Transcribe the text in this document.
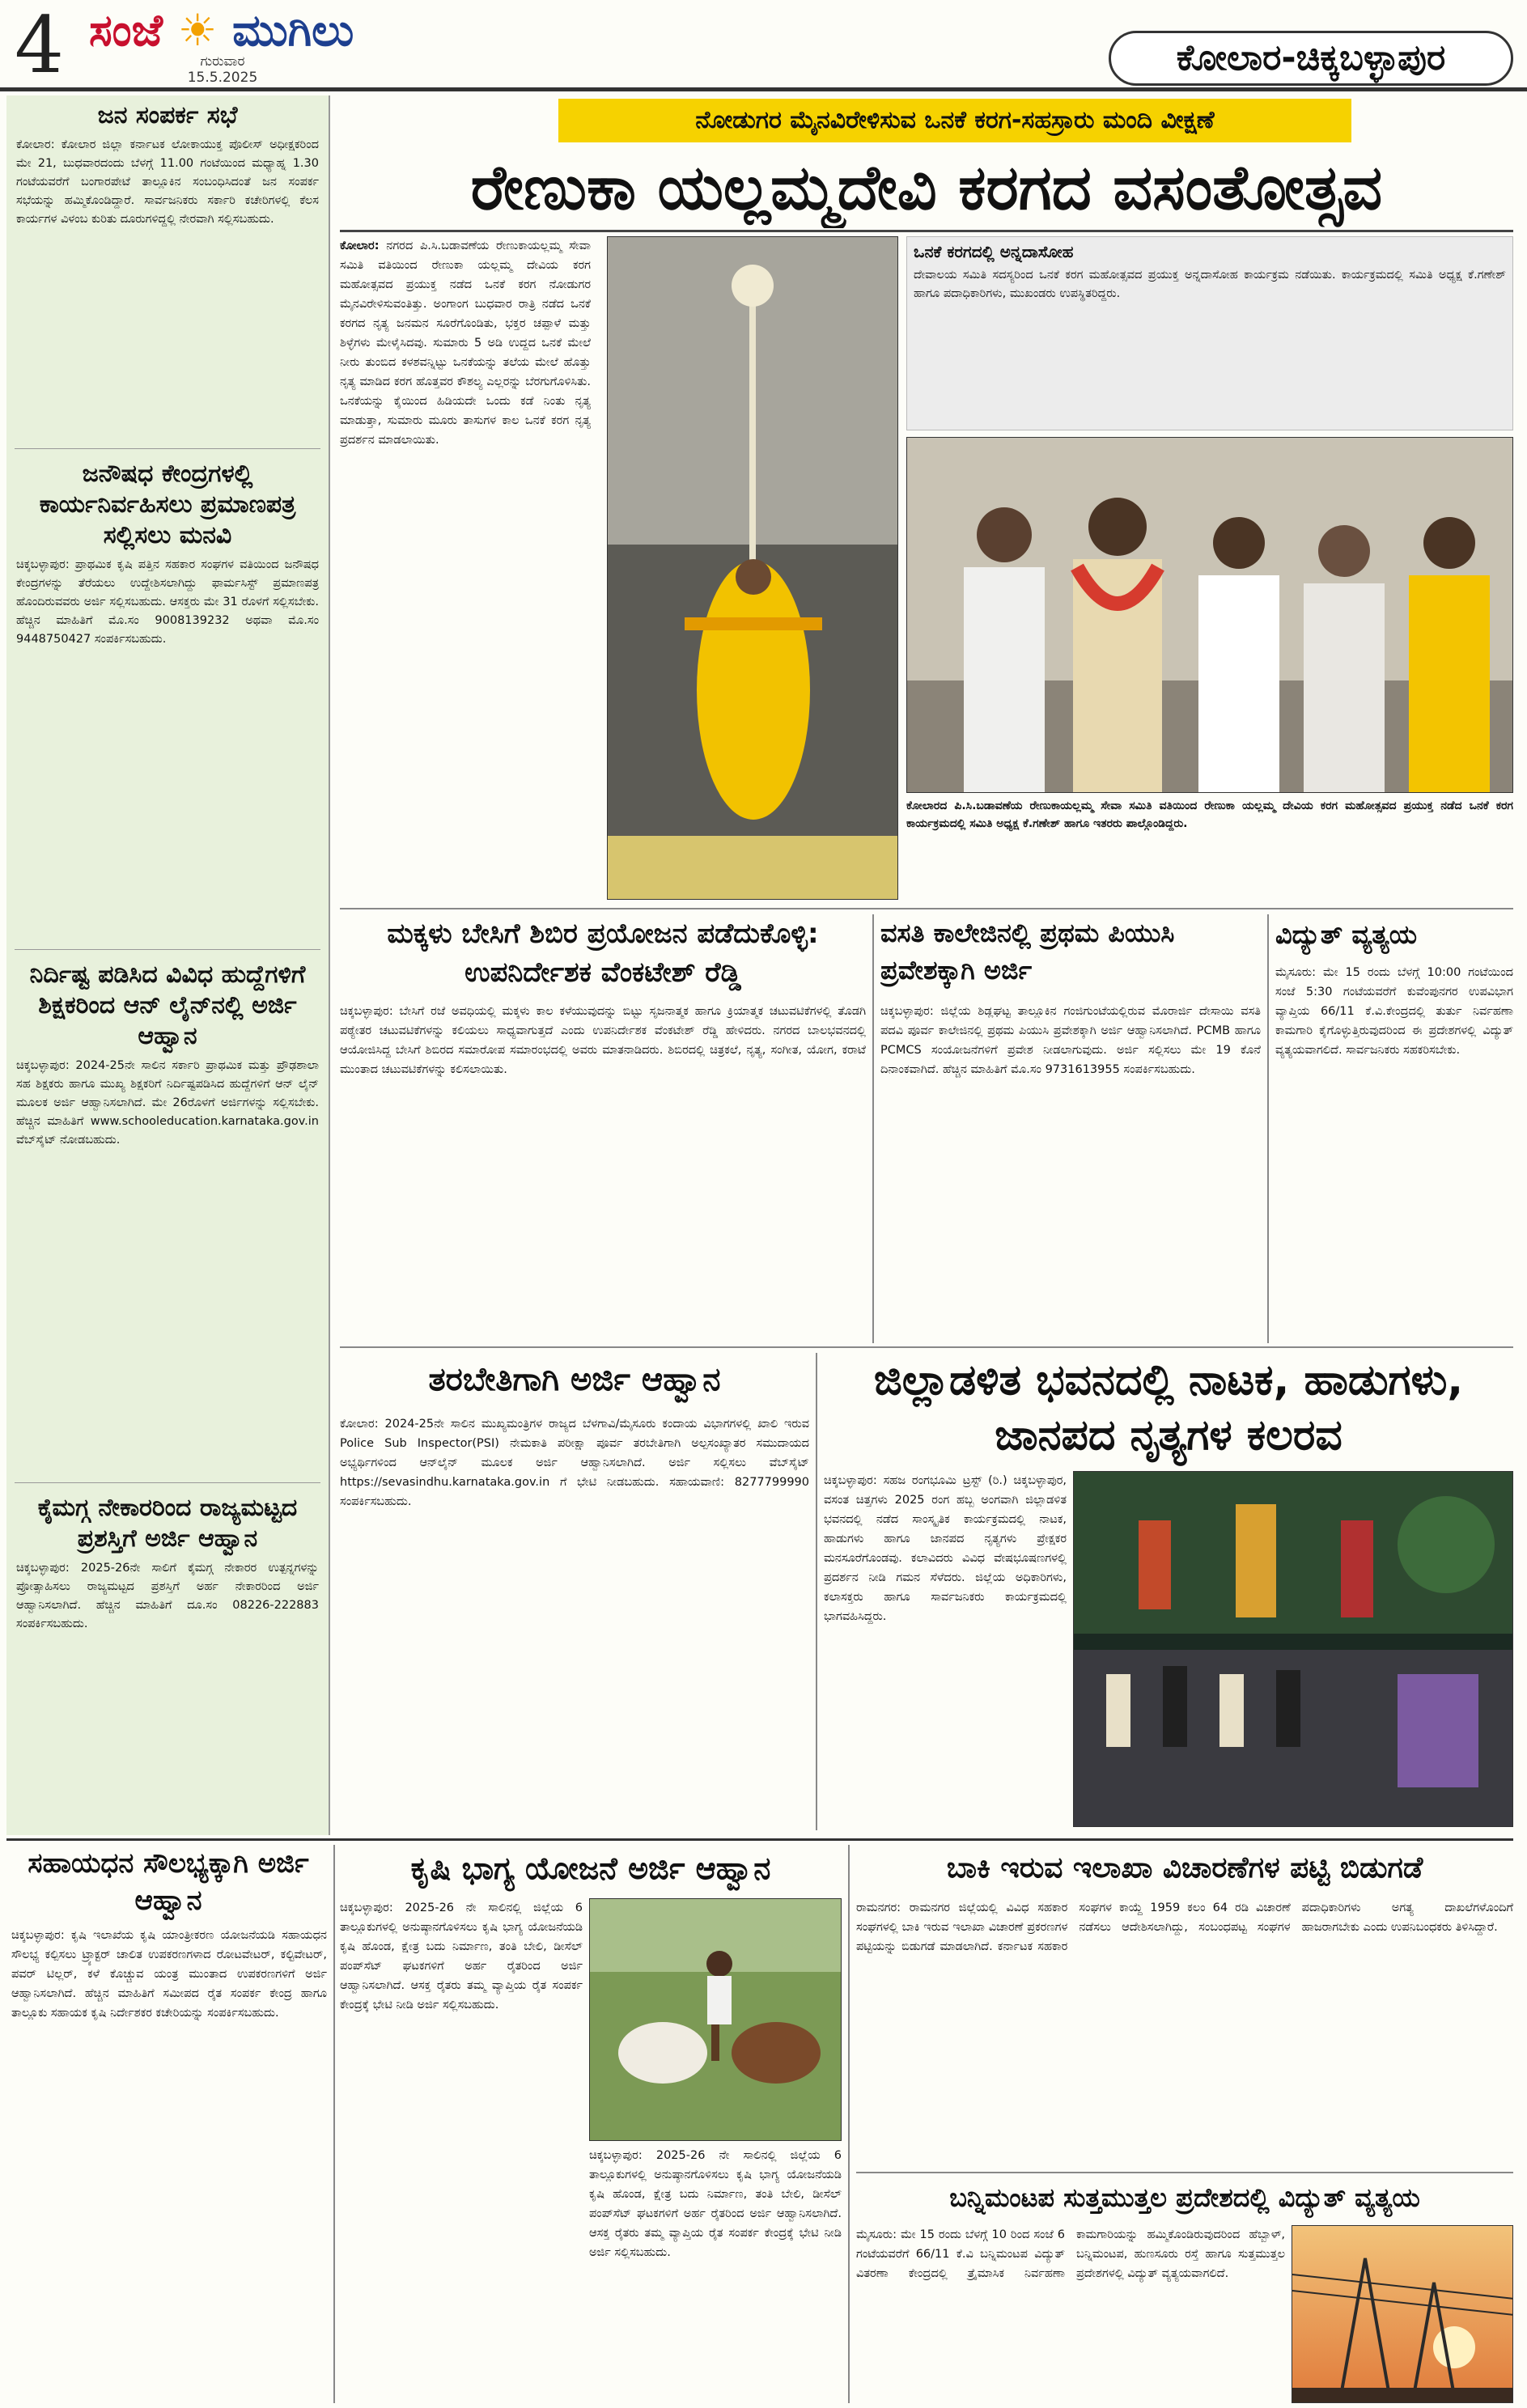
4 ಸಂಜೆ ☀ ಮುಗಿಲು
ಗುರುವಾರ
15.5.2025	ಕೋಲಾರ-ಚಿಕ್ಕಬಳ್ಳಾಪುರ
ಜನ ಸಂಪರ್ಕ ಸಭೆ
ಕೋಲಾರ: ಕೋಲಾರ ಜಿಲ್ಲಾ ಕರ್ನಾಟಕ ಲೋಕಾಯುಕ್ತ ಪೊಲೀಸ್ ಅಧೀಕ್ಷಕರಿಂದ ಮೇ 21, ಬುಧವಾರದಂದು ಬೆಳಗ್ಗೆ 11.00 ಗಂಟೆಯಿಂದ ಮಧ್ಯಾಹ್ನ 1.30 ಗಂಟೆಯವರೆಗೆ ಬಂಗಾರಪೇಟೆ ತಾಲ್ಲೂಕಿನ ಸಂಬಂಧಿಸಿದಂತೆ ಜನ ಸಂಪರ್ಕ ಸಭೆಯನ್ನು ಹಮ್ಮಿಕೊಂಡಿದ್ದಾರೆ. ಸಾರ್ವಜನಿಕರು ಸರ್ಕಾರಿ ಕಚೇರಿಗಳಲ್ಲಿ ಕೆಲಸ ಕಾರ್ಯಗಳ ವಿಳಂಬ ಕುರಿತು ದೂರುಗಳಿದ್ದಲ್ಲಿ ನೇರವಾಗಿ ಸಲ್ಲಿಸಬಹುದು.
ಜನೌಷಧ ಕೇಂದ್ರಗಳಲ್ಲಿ ಕಾರ್ಯನಿರ್ವಹಿಸಲು ಪ್ರಮಾಣಪತ್ರ ಸಲ್ಲಿಸಲು ಮನವಿ
ಚಿಕ್ಕಬಳ್ಳಾಪುರ: ಪ್ರಾಥಮಿಕ ಕೃಷಿ ಪತ್ತಿನ ಸಹಕಾರ ಸಂಘಗಳ ವತಿಯಿಂದ ಜನೌಷಧ ಕೇಂದ್ರಗಳನ್ನು ತೆರೆಯಲು ಉದ್ದೇಶಿಸಲಾಗಿದ್ದು ಫಾರ್ಮಸಿಸ್ಟ್ ಪ್ರಮಾಣಪತ್ರ ಹೊಂದಿರುವವರು ಅರ್ಜಿ ಸಲ್ಲಿಸಬಹುದು. ಆಸಕ್ತರು ಮೇ 31 ರೊಳಗೆ ಸಲ್ಲಿಸಬೇಕು. ಹೆಚ್ಚಿನ ಮಾಹಿತಿಗೆ ಮೊ.ಸಂ 9008139232 ಅಥವಾ ಮೊ.ಸಂ 9448750427 ಸಂಪರ್ಕಿಸಬಹುದು.
ನಿರ್ದಿಷ್ಟ ಪಡಿಸಿದ ವಿವಿಧ ಹುದ್ದೆಗಳಿಗೆ ಶಿಕ್ಷಕರಿಂದ ಆನ್ ಲೈನ್‌ನಲ್ಲಿ ಅರ್ಜಿ ಆಹ್ವಾನ
ಚಿಕ್ಕಬಳ್ಳಾಪುರ: 2024-25ನೇ ಸಾಲಿನ ಸರ್ಕಾರಿ ಪ್ರಾಥಮಿಕ ಮತ್ತು ಪ್ರೌಢಶಾಲಾ ಸಹ ಶಿಕ್ಷಕರು ಹಾಗೂ ಮುಖ್ಯ ಶಿಕ್ಷಕರಿಗೆ ನಿರ್ದಿಷ್ಟಪಡಿಸಿದ ಹುದ್ದೆಗಳಿಗೆ ಆನ್ ಲೈನ್ ಮೂಲಕ ಅರ್ಜಿ ಆಹ್ವಾನಿಸಲಾಗಿದೆ. ಮೇ 26ರೊಳಗೆ ಅರ್ಜಿಗಳನ್ನು ಸಲ್ಲಿಸಬೇಕು. ಹೆಚ್ಚಿನ ಮಾಹಿತಿಗೆ www.schooleducation.karnataka.gov.in ವೆಬ್‌ಸೈಟ್ ನೋಡಬಹುದು.
ಕೈಮಗ್ಗ ನೇಕಾರರಿಂದ ರಾಜ್ಯಮಟ್ಟದ ಪ್ರಶಸ್ತಿಗೆ ಅರ್ಜಿ ಆಹ್ವಾನ
ಚಿಕ್ಕಬಳ್ಳಾಪುರ: 2025-26ನೇ ಸಾಲಿಗೆ ಕೈಮಗ್ಗ ನೇಕಾರರ ಉತ್ಪನ್ನಗಳನ್ನು ಪ್ರೋತ್ಸಾಹಿಸಲು ರಾಜ್ಯಮಟ್ಟದ ಪ್ರಶಸ್ತಿಗೆ ಅರ್ಹ ನೇಕಾರರಿಂದ ಅರ್ಜಿ ಆಹ್ವಾನಿಸಲಾಗಿದೆ. ಹೆಚ್ಚಿನ ಮಾಹಿತಿಗೆ ದೂ.ಸಂ 08226-222883 ಸಂಪರ್ಕಿಸಬಹುದು.
ನೋಡುಗರ ಮೈನವಿರೇಳಿಸುವ ಒನಕೆ ಕರಗ-ಸಹಸ್ರಾರು ಮಂದಿ ವೀಕ್ಷಣೆ
ರೇಣುಕಾ ಯಲ್ಲಮ್ಮದೇವಿ ಕರಗದ ವಸಂತೋತ್ಸವ
ಕೋಲಾರ: ನಗರದ ಪಿ.ಸಿ.ಬಡಾವಣೆಯ ರೇಣುಕಾಯಲ್ಲಮ್ಮ ಸೇವಾ ಸಮಿತಿ ವತಿಯಿಂದ ರೇಣುಕಾ ಯಲ್ಲಮ್ಮ ದೇವಿಯ ಕರಗ ಮಹೋತ್ಸವದ ಪ್ರಯುಕ್ತ ನಡೆದ ಒನಕೆ ಕರಗ ನೋಡುಗರ ಮೈನವಿರೇಳಿಸುವಂತಿತ್ತು. ಅಂಗಾಂಗ ಬುಧವಾರ ರಾತ್ರಿ ನಡೆದ ಒನಕೆ ಕರಗದ ನೃತ್ಯ ಜನಮನ ಸೂರೆಗೊಂಡಿತು, ಭಕ್ತರ ಚಪ್ಪಾಳೆ ಮತ್ತು ಶಿಳ್ಳೆಗಳು ಮೇಳೈಸಿದವು. ಸುಮಾರು 5 ಅಡಿ ಉದ್ದದ ಒನಕೆ ಮೇಲೆ ನೀರು ತುಂಬಿದ ಕಳಶವನ್ನಿಟ್ಟು ಒನಕೆಯನ್ನು ತಲೆಯ ಮೇಲೆ ಹೊತ್ತು ನೃತ್ಯ ಮಾಡಿದ ಕರಗ ಹೊತ್ತವರ ಕೌಶಲ್ಯ ಎಲ್ಲರನ್ನು ಬೆರಗುಗೊಳಿಸಿತು. ಒನಕೆಯನ್ನು ಕೈಯಿಂದ ಹಿಡಿಯದೇ ಒಂದು ಕಡೆ ನಿಂತು ನೃತ್ಯ ಮಾಡುತ್ತಾ, ಸುಮಾರು ಮೂರು ತಾಸುಗಳ ಕಾಲ ಒನಕೆ ಕರಗ ನೃತ್ಯ ಪ್ರದರ್ಶನ ಮಾಡಲಾಯಿತು.
ಒನಕೆ ಕರಗದಲ್ಲಿ ಅನ್ನದಾಸೋಹ
ದೇವಾಲಯ ಸಮಿತಿ ಸದಸ್ಯರಿಂದ ಒನಕೆ ಕರಗ ಮಹೋತ್ಸವದ ಪ್ರಯುಕ್ತ ಅನ್ನದಾಸೋಹ ಕಾರ್ಯಕ್ರಮ ನಡೆಯಿತು. ಕಾರ್ಯಕ್ರಮದಲ್ಲಿ ಸಮಿತಿ ಅಧ್ಯಕ್ಷ ಕೆ.ಗಣೇಶ್ ಹಾಗೂ ಪದಾಧಿಕಾರಿಗಳು, ಮುಖಂಡರು ಉಪಸ್ಥಿತರಿದ್ದರು.
ಕೋಲಾರದ ಪಿ.ಸಿ.ಬಡಾವಣೆಯ ರೇಣುಕಾಯಲ್ಲಮ್ಮ ಸೇವಾ ಸಮಿತಿ ವತಿಯಿಂದ ರೇಣುಕಾ ಯಲ್ಲಮ್ಮ ದೇವಿಯ ಕರಗ ಮಹೋತ್ಸವದ ಪ್ರಯುಕ್ತ ನಡೆದ ಒನಕೆ ಕರಗ ಕಾರ್ಯಕ್ರಮದಲ್ಲಿ ಸಮಿತಿ ಅಧ್ಯಕ್ಷ ಕೆ.ಗಣೇಶ್ ಹಾಗೂ ಇತರರು ಪಾಲ್ಗೊಂಡಿದ್ದರು.
ಮಕ್ಕಳು ಬೇಸಿಗೆ ಶಿಬಿರ ಪ್ರಯೋಜನ ಪಡೆದುಕೊಳ್ಳಿ: ಉಪನಿರ್ದೇಶಕ ವೆಂಕಟೇಶ್ ರೆಡ್ಡಿ
ಚಿಕ್ಕಬಳ್ಳಾಪುರ: ಬೇಸಿಗೆ ರಜೆ ಅವಧಿಯಲ್ಲಿ ಮಕ್ಕಳು ಕಾಲ ಕಳೆಯುವುದನ್ನು ಬಿಟ್ಟು ಸೃಜನಾತ್ಮಕ ಹಾಗೂ ಕ್ರಿಯಾತ್ಮಕ ಚಟುವಟಿಕೆಗಳಲ್ಲಿ ತೊಡಗಿ ಪಠ್ಯೇತರ ಚಟುವಟಿಕೆಗಳನ್ನು ಕಲಿಯಲು ಸಾಧ್ಯವಾಗುತ್ತದೆ ಎಂದು ಉಪನಿರ್ದೇಶಕ ವೆಂಕಟೇಶ್ ರೆಡ್ಡಿ ಹೇಳಿದರು. ನಗರದ ಬಾಲಭವನದಲ್ಲಿ ಆಯೋಜಿಸಿದ್ದ ಬೇಸಿಗೆ ಶಿಬಿರದ ಸಮಾರೋಪ ಸಮಾರಂಭದಲ್ಲಿ ಅವರು ಮಾತನಾಡಿದರು. ಶಿಬಿರದಲ್ಲಿ ಚಿತ್ರಕಲೆ, ನೃತ್ಯ, ಸಂಗೀತ, ಯೋಗ, ಕರಾಟೆ ಮುಂತಾದ ಚಟುವಟಿಕೆಗಳನ್ನು ಕಲಿಸಲಾಯಿತು.
ವಸತಿ ಕಾಲೇಜಿನಲ್ಲಿ ಪ್ರಥಮ ಪಿಯುಸಿ ಪ್ರವೇಶಕ್ಕಾಗಿ ಅರ್ಜಿ
ಚಿಕ್ಕಬಳ್ಳಾಪುರ: ಜಿಲ್ಲೆಯ ಶಿಡ್ಲಘಟ್ಟ ತಾಲ್ಲೂಕಿನ ಗಂಜಿಗುಂಟೆಯಲ್ಲಿರುವ ಮೊರಾರ್ಜಿ ದೇಸಾಯಿ ವಸತಿ ಪದವಿ ಪೂರ್ವ ಕಾಲೇಜಿನಲ್ಲಿ ಪ್ರಥಮ ಪಿಯುಸಿ ಪ್ರವೇಶಕ್ಕಾಗಿ ಅರ್ಜಿ ಆಹ್ವಾನಿಸಲಾಗಿದೆ. PCMB ಹಾಗೂ PCMCS ಸಂಯೋಜನೆಗಳಿಗೆ ಪ್ರವೇಶ ನೀಡಲಾಗುವುದು. ಅರ್ಜಿ ಸಲ್ಲಿಸಲು ಮೇ 19 ಕೊನೆ ದಿನಾಂಕವಾಗಿದೆ. ಹೆಚ್ಚಿನ ಮಾಹಿತಿಗೆ ಮೊ.ಸಂ 9731613955 ಸಂಪರ್ಕಿಸಬಹುದು.
ವಿದ್ಯುತ್ ವ್ಯತ್ಯಯ
ಮೈಸೂರು: ಮೇ 15 ರಂದು ಬೆಳಗ್ಗೆ 10:00 ಗಂಟೆಯಿಂದ ಸಂಜೆ 5:30 ಗಂಟೆಯವರೆಗೆ ಕುವೆಂಪುನಗರ ಉಪವಿಭಾಗ ವ್ಯಾಪ್ತಿಯ 66/11 ಕೆ.ವಿ.ಕೇಂದ್ರದಲ್ಲಿ ತುರ್ತು ನಿರ್ವಹಣಾ ಕಾಮಗಾರಿ ಕೈಗೊಳ್ಳುತ್ತಿರುವುದರಿಂದ ಈ ಪ್ರದೇಶಗಳಲ್ಲಿ ವಿದ್ಯುತ್ ವ್ಯತ್ಯಯವಾಗಲಿದೆ. ಸಾರ್ವಜನಿಕರು ಸಹಕರಿಸಬೇಕು.
ತರಬೇತಿಗಾಗಿ ಅರ್ಜಿ ಆಹ್ವಾನ
ಕೋಲಾರ: 2024-25ನೇ ಸಾಲಿನ ಮುಖ್ಯಮಂತ್ರಿಗಳ ರಾಜ್ಯದ ಬೆಳಗಾವಿ/ಮೈಸೂರು ಕಂದಾಯ ವಿಭಾಗಗಳಲ್ಲಿ ಖಾಲಿ ಇರುವ Police Sub Inspector(PSI) ನೇಮಕಾತಿ ಪರೀಕ್ಷಾ ಪೂರ್ವ ತರಬೇತಿಗಾಗಿ ಅಲ್ಪಸಂಖ್ಯಾತರ ಸಮುದಾಯದ ಅಭ್ಯರ್ಥಿಗಳಿಂದ ಆನ್‌ಲೈನ್ ಮೂಲಕ ಅರ್ಜಿ ಆಹ್ವಾನಿಸಲಾಗಿದೆ. ಅರ್ಜಿ ಸಲ್ಲಿಸಲು ವೆಬ್‌ಸೈಟ್ https://sevasindhu.karnataka.gov.in ಗೆ ಭೇಟಿ ನೀಡಬಹುದು. ಸಹಾಯವಾಣಿ: 8277799990 ಸಂಪರ್ಕಿಸಬಹುದು.
ಜಿಲ್ಲಾಡಳಿತ ಭವನದಲ್ಲಿ ನಾಟಕ, ಹಾಡುಗಳು, ಜಾನಪದ ನೃತ್ಯಗಳ ಕಲರವ
ಚಿಕ್ಕಬಳ್ಳಾಪುರ: ಸಹಜ ರಂಗಭೂಮಿ ಟ್ರಸ್ಟ್ (ರಿ.) ಚಿಕ್ಕಬಳ್ಳಾಪುರ, ವಸಂತ ಚಿತ್ತಗಳು 2025 ರಂಗ ಹಬ್ಬ ಅಂಗವಾಗಿ ಜಿಲ್ಲಾಡಳಿತ ಭವನದಲ್ಲಿ ನಡೆದ ಸಾಂಸ್ಕೃತಿಕ ಕಾರ್ಯಕ್ರಮದಲ್ಲಿ ನಾಟಕ, ಹಾಡುಗಳು ಹಾಗೂ ಜಾನಪದ ನೃತ್ಯಗಳು ಪ್ರೇಕ್ಷಕರ ಮನಸೂರೆಗೊಂಡವು. ಕಲಾವಿದರು ವಿವಿಧ ವೇಷಭೂಷಣಗಳಲ್ಲಿ ಪ್ರದರ್ಶನ ನೀಡಿ ಗಮನ ಸೆಳೆದರು. ಜಿಲ್ಲೆಯ ಅಧಿಕಾರಿಗಳು, ಕಲಾಸಕ್ತರು ಹಾಗೂ ಸಾರ್ವಜನಿಕರು ಕಾರ್ಯಕ್ರಮದಲ್ಲಿ ಭಾಗವಹಿಸಿದ್ದರು.
ಸಹಾಯಧನ ಸೌಲಭ್ಯಕ್ಕಾಗಿ ಅರ್ಜಿ ಆಹ್ವಾನ
ಚಿಕ್ಕಬಳ್ಳಾಪುರ: ಕೃಷಿ ಇಲಾಖೆಯ ಕೃಷಿ ಯಾಂತ್ರೀಕರಣ ಯೋಜನೆಯಡಿ ಸಹಾಯಧನ ಸೌಲಭ್ಯ ಕಲ್ಪಿಸಲು ಟ್ರ್ಯಾಕ್ಟರ್ ಚಾಲಿತ ಉಪಕರಣಗಳಾದ ರೋಟವೇಟರ್, ಕಲ್ಟಿವೇಟರ್, ಪವರ್ ಟಿಲ್ಲರ್, ಕಳೆ ಕೊಚ್ಚುವ ಯಂತ್ರ ಮುಂತಾದ ಉಪಕರಣಗಳಿಗೆ ಅರ್ಜಿ ಆಹ್ವಾನಿಸಲಾಗಿದೆ. ಹೆಚ್ಚಿನ ಮಾಹಿತಿಗೆ ಸಮೀಪದ ರೈತ ಸಂಪರ್ಕ ಕೇಂದ್ರ ಹಾಗೂ ತಾಲ್ಲೂಕು ಸಹಾಯಕ ಕೃಷಿ ನಿರ್ದೇಶಕರ ಕಚೇರಿಯನ್ನು ಸಂಪರ್ಕಿಸಬಹುದು.
ಕೃಷಿ ಭಾಗ್ಯ ಯೋಜನೆ ಅರ್ಜಿ ಆಹ್ವಾನ
ಚಿಕ್ಕಬಳ್ಳಾಪುರ: 2025-26 ನೇ ಸಾಲಿನಲ್ಲಿ ಜಿಲ್ಲೆಯ 6 ತಾಲ್ಲೂಕುಗಳಲ್ಲಿ ಅನುಷ್ಠಾನಗೊಳಿಸಲು ಕೃಷಿ ಭಾಗ್ಯ ಯೋಜನೆಯಡಿ ಕೃಷಿ ಹೊಂಡ, ಕ್ಷೇತ್ರ ಬದು ನಿರ್ಮಾಣ, ತಂತಿ ಬೇಲಿ, ಡೀಸೆಲ್ ಪಂಪ್‌ಸೆಟ್ ಘಟಕಗಳಿಗೆ ಅರ್ಹ ರೈತರಿಂದ ಅರ್ಜಿ ಆಹ್ವಾನಿಸಲಾಗಿದೆ. ಆಸಕ್ತ ರೈತರು ತಮ್ಮ ವ್ಯಾಪ್ತಿಯ ರೈತ ಸಂಪರ್ಕ ಕೇಂದ್ರಕ್ಕೆ ಭೇಟಿ ನೀಡಿ ಅರ್ಜಿ ಸಲ್ಲಿಸಬಹುದು.
ಚಿಕ್ಕಬಳ್ಳಾಪುರ: 2025-26 ನೇ ಸಾಲಿನಲ್ಲಿ ಜಿಲ್ಲೆಯ 6 ತಾಲ್ಲೂಕುಗಳಲ್ಲಿ ಅನುಷ್ಠಾನಗೊಳಿಸಲು ಕೃಷಿ ಭಾಗ್ಯ ಯೋಜನೆಯಡಿ ಕೃಷಿ ಹೊಂಡ, ಕ್ಷೇತ್ರ ಬದು ನಿರ್ಮಾಣ, ತಂತಿ ಬೇಲಿ, ಡೀಸೆಲ್ ಪಂಪ್‌ಸೆಟ್ ಘಟಕಗಳಿಗೆ ಅರ್ಹ ರೈತರಿಂದ ಅರ್ಜಿ ಆಹ್ವಾನಿಸಲಾಗಿದೆ. ಆಸಕ್ತ ರೈತರು ತಮ್ಮ ವ್ಯಾಪ್ತಿಯ ರೈತ ಸಂಪರ್ಕ ಕೇಂದ್ರಕ್ಕೆ ಭೇಟಿ ನೀಡಿ ಅರ್ಜಿ ಸಲ್ಲಿಸಬಹುದು.
ಬಾಕಿ ಇರುವ ಇಲಾಖಾ ವಿಚಾರಣೆಗಳ ಪಟ್ಟಿ ಬಿಡುಗಡೆ
ರಾಮನಗರ: ರಾಮನಗರ ಜಿಲ್ಲೆಯಲ್ಲಿ ವಿವಿಧ ಸಹಕಾರ ಸಂಘಗಳಲ್ಲಿ ಬಾಕಿ ಇರುವ ಇಲಾಖಾ ವಿಚಾರಣೆ ಪ್ರಕರಣಗಳ ಪಟ್ಟಿಯನ್ನು ಬಿಡುಗಡೆ ಮಾಡಲಾಗಿದೆ. ಕರ್ನಾಟಕ ಸಹಕಾರ ಸಂಘಗಳ ಕಾಯ್ದೆ 1959 ಕಲಂ 64 ರಡಿ ವಿಚಾರಣೆ ನಡೆಸಲು ಆದೇಶಿಸಲಾಗಿದ್ದು, ಸಂಬಂಧಪಟ್ಟ ಸಂಘಗಳ ಪದಾಧಿಕಾರಿಗಳು ಅಗತ್ಯ ದಾಖಲೆಗಳೊಂದಿಗೆ ಹಾಜರಾಗಬೇಕು ಎಂದು ಉಪನಿಬಂಧಕರು ತಿಳಿಸಿದ್ದಾರೆ.
ಬನ್ನಿಮಂಟಪ ಸುತ್ತಮುತ್ತಲ ಪ್ರದೇಶದಲ್ಲಿ ವಿದ್ಯುತ್ ವ್ಯತ್ಯಯ
ಮೈಸೂರು: ಮೇ 15 ರಂದು ಬೆಳಗ್ಗೆ 10 ರಿಂದ ಸಂಜೆ 6 ಗಂಟೆಯವರೆಗೆ 66/11 ಕೆ.ವಿ ಬನ್ನಿಮಂಟಪ ವಿದ್ಯುತ್ ವಿತರಣಾ ಕೇಂದ್ರದಲ್ಲಿ ತ್ರೈಮಾಸಿಕ ನಿರ್ವಹಣಾ ಕಾಮಗಾರಿಯನ್ನು ಹಮ್ಮಿಕೊಂಡಿರುವುದರಿಂದ ಹೆಬ್ಬಾಳ್, ಬನ್ನಿಮಂಟಪ, ಹುಣಸೂರು ರಸ್ತೆ ಹಾಗೂ ಸುತ್ತಮುತ್ತಲ ಪ್ರದೇಶಗಳಲ್ಲಿ ವಿದ್ಯುತ್ ವ್ಯತ್ಯಯವಾಗಲಿದೆ.
